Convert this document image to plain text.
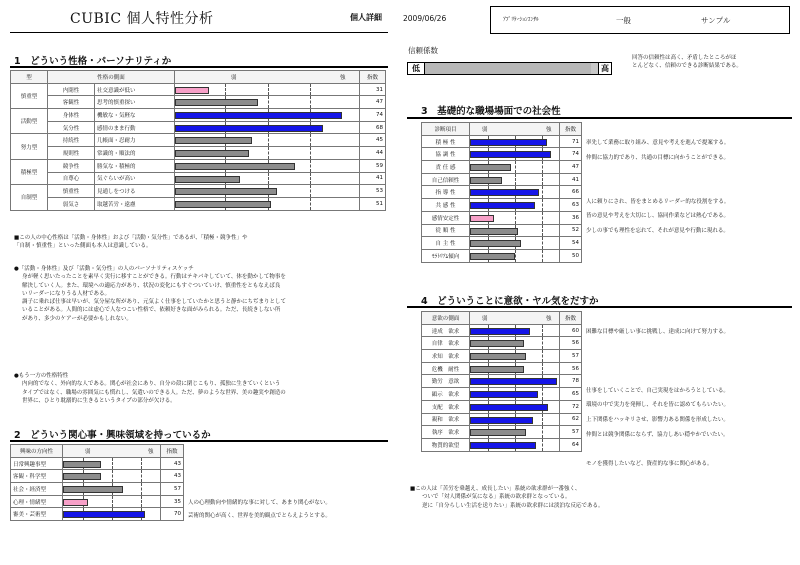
CUBIC 個人特性分析	個人詳細	2009/06/26	ｱﾌﾟﾘｹｰｼｮﾝｺﾝｻﾙ	一般	サンプル
1　どういう性格・パーソナリティか
型	性格の側面		弱 強	指数
慎重型	内閉性	社交意識が低い		31
	客観性	思考的慎重探い		47
活動型	身体性	機敏な・気軽な		74
	気分性	感情のまま行動		68
努力型	持続性	几帳面・忍耐力		45
	規則性	常識的・順法的		44
積極型	競争性	勝気な・積極的		59
	自尊心	気ぐらいが高い		41
自制型	慎重性	見通しをつける		53
	弱気さ	取越苦労・遠慮		51
■この人の中心性格は「活動・身体性」および「活動・気分性」であるが、「積極・競争性」や
「自制・慎重性」といった側面も本人は意識している。
●「活動・身体性」及び「活動・気分性」の人のパーソナリティスケッチ
身が軽く思いたったことを素早く実行に移すことができる。行動はテキパキしていて、体を動かして物事を
解決していく人。また、環境への適応力があり、状況の変化にもすぐついていけ、慎重性をともなえば良
いリーダーになりうる人材である。
調子に乗れば仕事は早いが、気分屋な所があり、元気よく仕事をしていたかと思うと静かにちぢまりとして
いることがある。人間的には虚心で人なつこい性格で、依頼好きな面がみられる。ただ、長続きしない所
があり、多少のケアーが必要かもしれない。
●もう一方の性格特性
内向的でなく、外向的な人である。関心が社会にあり、自分の殻に閉じこもり、孤独に生きていくという
タイプではなく、職場の雰囲気にも慣れし、気遣いのできる人。ただ、夢のような世界、美の趣実や創造の
世界に、ひとり耽溺的に生きるというタイプの部分が欠ける。
2　どういう関心事・興味領域を持っているか
興味の方向性	弱 強	指数
日常興趣事型		43
客観・科学型		43
社会・経済型		57
心理・情緒型		35
審美・芸術型		70
人の心理動向や情緒的な事に対して、あまり関心がない。
芸術的関心が高く、世界を美的観点でとらえようとする。
信頼係数
低	高
回答の信頼性は高く、矛盾したところがほ
とんどなく、信頼のできる診断結果である。
3　基礎的な職場場面での社会性
診断項目	弱 強	指数
積 極 性		71
協 調 性		74
責 任 感		47
自己信頼性		41
指 導 性		66
共 感 性		63
感情安定性		36
従 順 性		52
自 主 性		54
ﾓﾗﾄﾘｱﾑ傾向		50
率先して業務に取り組み、意見や考えを進んで提案する。
仲間に協力的であり、共通の目標に向かうことができる。
人に頼りにされ、皆をまとめるリーダー的な役割をする。
皆の意見や考えを大切にし、協同作業などは熱心である。
少しの事でも理性を忘れて、それが意見や行動に現れる。
4　どういうことに意欲・ヤル気をだすか
意欲の側面	弱 強	指数
達成　欲求		60
自律　欲求		56
求知　欲求		57
危機　耐性		56
勤労　意欲		78
顕示　欲求		65
支配　欲求		72
親和　欲求		62
執序　欲求		57
物質的欲望		64
困難な目標や厳しい事に挑戦し、達成に向けて努力する。
仕事をしていくことで、自己実現をはかろうとしている。
環境の中で実力を発揮し、それを皆に認めてもらいたい。
上下関係をハッキリさせ、影響力ある関係を形成したい。
仲間とは競争関係にならず、協力しあい穏やかでいたい。
モノを獲得したいなど、資産的な事に関心がある。
■この人は「苦労を乗越え、成長したい」系統の欲求群が一番強く、
ついで「対人関係が気になる」系統の欲求群となっている。
逆に「自分らしい生活を送りたい」系統の欲求群には淡泊な反応である。
